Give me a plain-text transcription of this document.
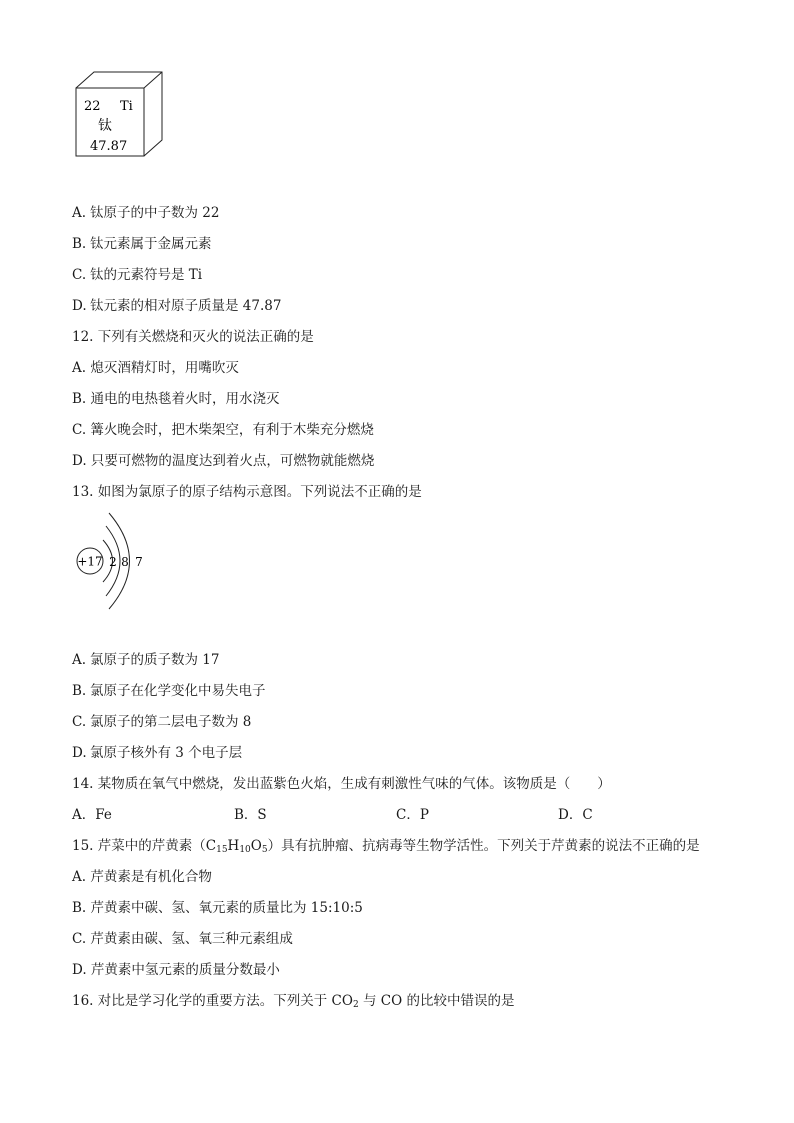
22 Ti
钛
47.87
A. 钛原子的中子数为 22
B. 钛元素属于金属元素
C. 钛的元素符号是 Ti
D. 钛元素的相对原子质量是 47.87
12. 下列有关燃烧和灭火的说法正确的是
A. 熄灭酒精灯时，用嘴吹灭
B. 通电的电热毯着火时，用水浇灭
C. 篝火晚会时，把木柴架空，有利于木柴充分燃烧
D. 只要可燃物的温度达到着火点，可燃物就能燃烧
13. 如图为氯原子的原子结构示意图。下列说法不正确的是
+17 2 8 7
A. 氯原子的质子数为 17
B. 氯原子在化学变化中易失电子
C. 氯原子的第二层电子数为 8
D. 氯原子核外有 3 个电子层
14. 某物质在氧气中燃烧，发出蓝紫色火焰，生成有刺激性气味的气体。该物质是（　　）
A．Fe	B．S	C．P	D．C
15. 芹菜中的芹黄素$(C_{15}H_{10}O_5)$具有抗肿瘤、抗病毒等生物学活性。下列关于芹黄素的说法不正确的是
A. 芹黄素是有机化合物
B. 芹黄素中碳、氢、氧元素的质量比为 15:10:5
C. 芹黄素由碳、氢、氧三种元素组成
D. 芹黄素中氢元素的质量分数最小
16. 对比是学习化学的重要方法。下列关于 $CO_2$ 与 CO 的比较中错误的是
